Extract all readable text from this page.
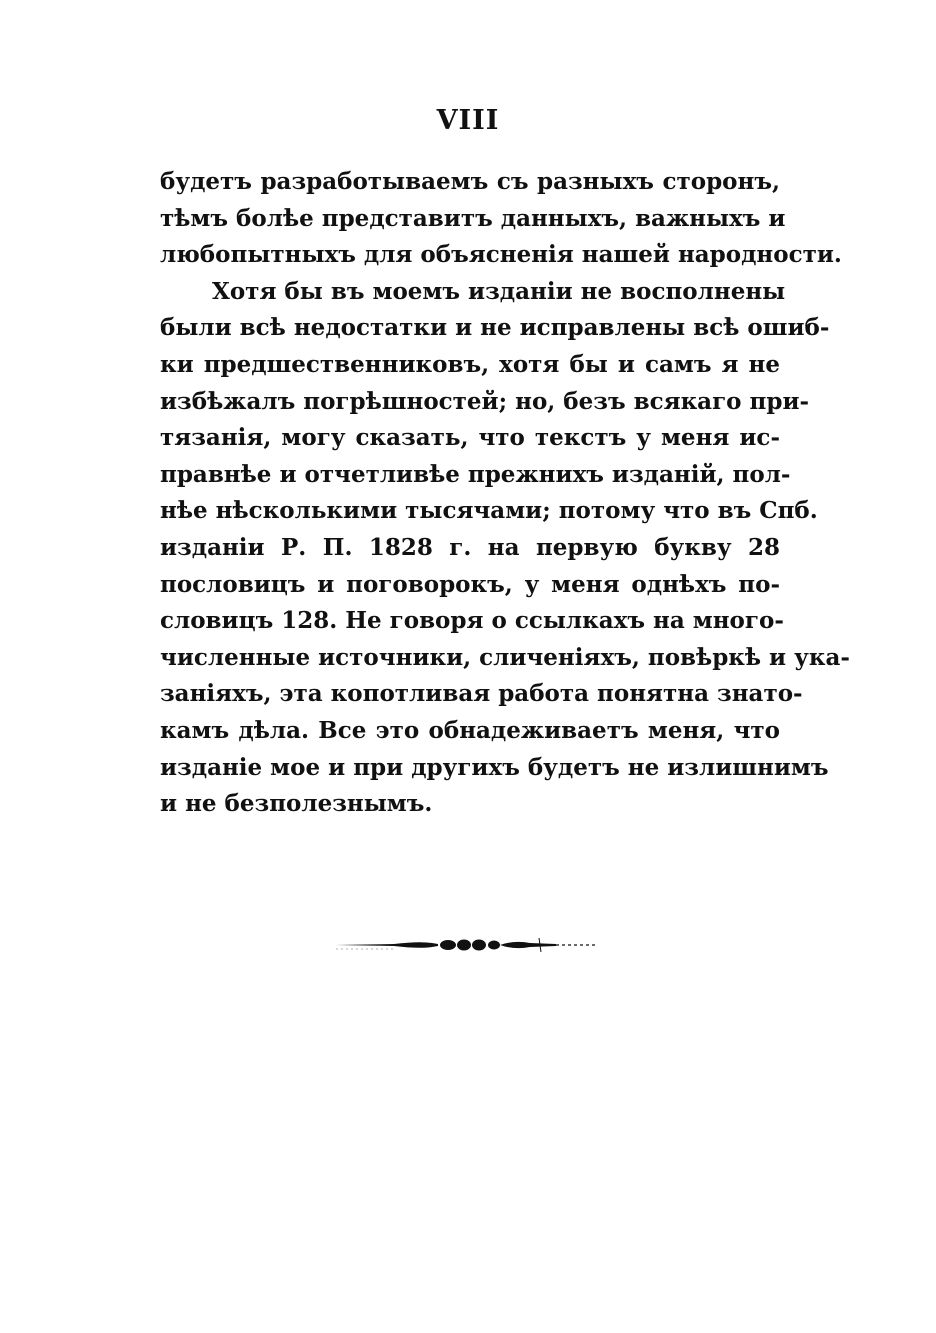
VIII
будетъ разработываемъ съ разныхъ сторонъ,
тѣмъ болѣе представитъ данныхъ, важныхъ и
любопытныхъ для объясненія нашей народности.
Хотя бы въ моемъ изданіи не восполнены
были всѣ недостатки и не исправлены всѣ ошиб-
ки предшественниковъ, хотя бы и самъ я не
избѣжалъ погрѣшностей; но, безъ всякаго при-
тязанія, могу сказать, что текстъ у меня ис-
правнѣе и отчетливѣе прежнихъ изданій, пол-
нѣе нѣсколькими тысячами; потому что въ Спб.
изданіи Р. П. 1828 г. на первую букву 28
пословицъ и поговорокъ, у меня однѣхъ по-
словицъ 128. Не говоря о ссылкахъ на много-
численные источники, сличеніяхъ, повѣркѣ и ука-
заніяхъ, эта копотливая работа понятна знато-
камъ дѣла. Все это обнадеживаетъ меня, что
изданіе мое и при другихъ будетъ не излишнимъ
и не безполезнымъ.
